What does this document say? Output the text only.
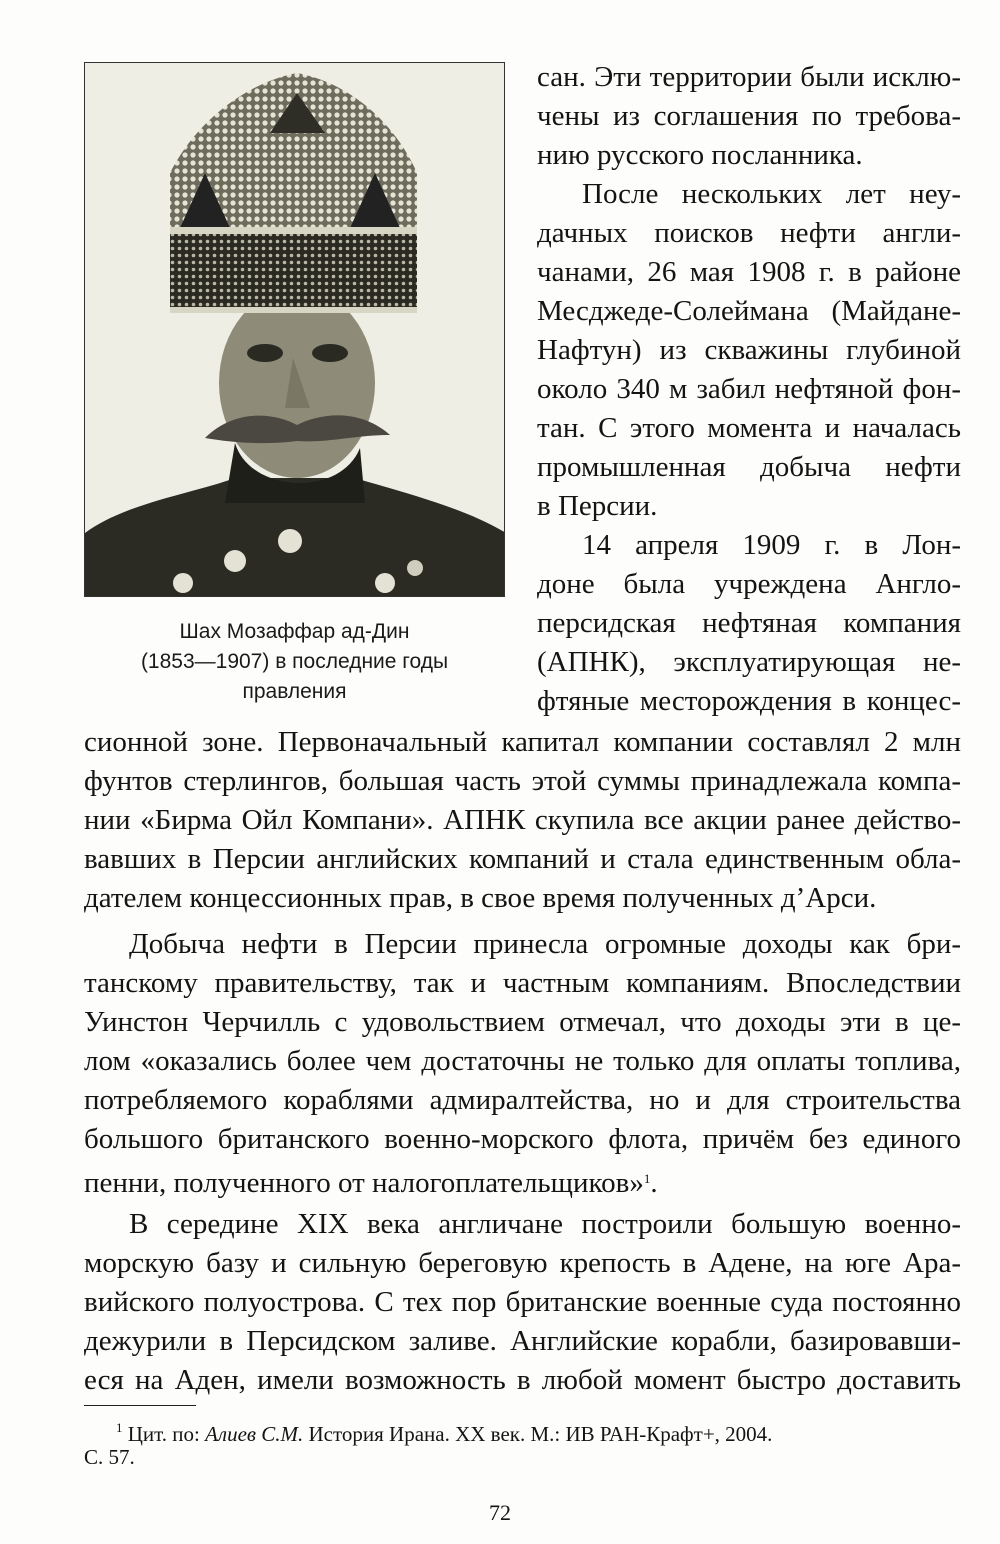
Шах Мозаффар ад-Дин
(1853—1907) в последние годы
правления
сан. Эти территории были исклю-
чены из соглашения по требова-
нию русского посланника.
После нескольких лет неу-
дачных поисков нефти англи-
чанами, 26 мая 1908 г. в районе
Месджеде-Солеймана (Майдане-
Нафтун) из скважины глубиной
около 340 м забил нефтяной фон-
тан. С этого момента и началась
промышленная добыча нефти
в Персии.
14 апреля 1909 г. в Лон-
доне была учреждена Англо-
персидская нефтяная компания
(АПНК), эксплуатирующая не-
фтяные месторождения в концес-
сионной зоне. Первоначальный капитал компании составлял 2 млн
фунтов стерлингов, большая часть этой суммы принадлежала компа-
нии «Бирма Ойл Компани». АПНК скупила все акции ранее действо-
вавших в Персии английских компаний и стала единственным обла-
дателем концессионных прав, в свое время полученных д’Арси.
Добыча нефти в Персии принесла огромные доходы как бри-
танскому правительству, так и частным компаниям. Впоследствии
Уинстон Черчилль с удовольствием отмечал, что доходы эти в це-
лом «оказались более чем достаточны не только для оплаты топлива,
потребляемого кораблями адмиралтейства, но и для строительства
большого британского военно-морского флота, причём без единого
пенни, полученного от налогоплательщиков»$^1$.
В середине XIX века англичане построили большую военно-
морскую базу и сильную береговую крепость в Адене, на юге Ара-
вийского полуострова. С тех пор британские военные суда постоянно
дежурили в Персидском заливе. Английские корабли, базировавши-
еся на Аден, имели возможность в любой момент быстро доставить
$^1$ Цит. по: Алиев С.М. История Ирана. XX век. М.: ИВ РАН-Крафт+, 2004.
С. 57.
72
